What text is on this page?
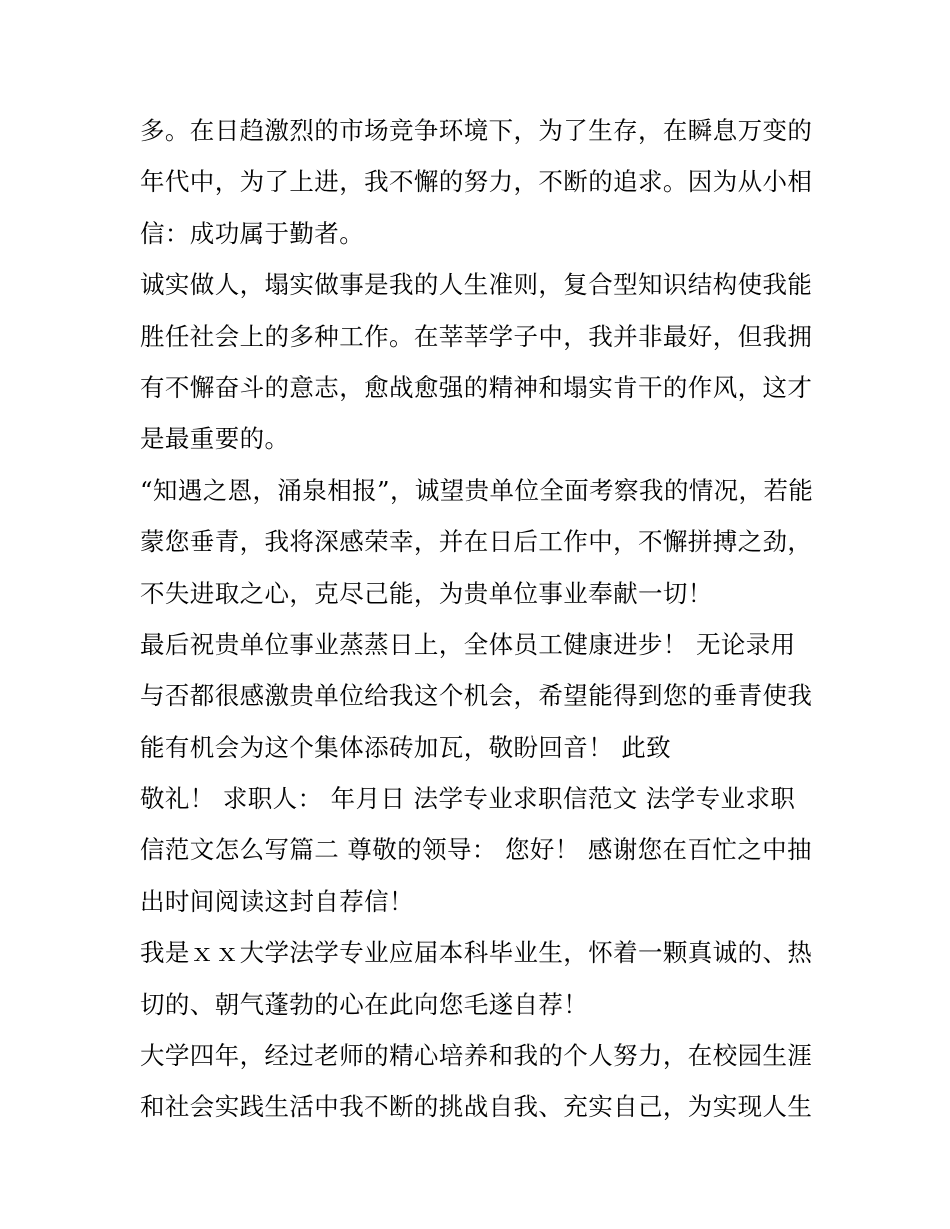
多。在日趋激烈的市场竞争环境下，为了生存，在瞬息万变的
年代中，为了上进，我不懈的努力，不断的追求。因为从小相
信：成功属于勤者。
诚实做人，塌实做事是我的人生准则，复合型知识结构使我能
胜任社会上的多种工作。在莘莘学子中，我并非最好，但我拥
有不懈奋斗的意志，愈战愈强的精神和塌实肯干的作风，这才
是最重要的。
“知遇之恩，涌泉相报”，诚望贵单位全面考察我的情况，若能
蒙您垂青，我将深感荣幸，并在日后工作中，不懈拼搏之劲，
不失进取之心，克尽己能，为贵单位事业奉献一切！
最后祝贵单位事业蒸蒸日上，全体员工健康进步！ 无论录用
与否都很感激贵单位给我这个机会，希望能得到您的垂青使我
能有机会为这个集体添砖加瓦，敬盼回音！ 此致
敬礼！ 求职人： 年月日 法学专业求职信范文 法学专业求职
信范文怎么写篇二 尊敬的领导： 您好！ 感谢您在百忙之中抽
出时间阅读这封自荐信！
我是ｘｘ大学法学专业应届本科毕业生，怀着一颗真诚的、热
切的、朝气蓬勃的心在此向您毛遂自荐！
大学四年，经过老师的精心培养和我的个人努力，在校园生涯
和社会实践生活中我不断的挑战自我、充实自己，为实现人生
